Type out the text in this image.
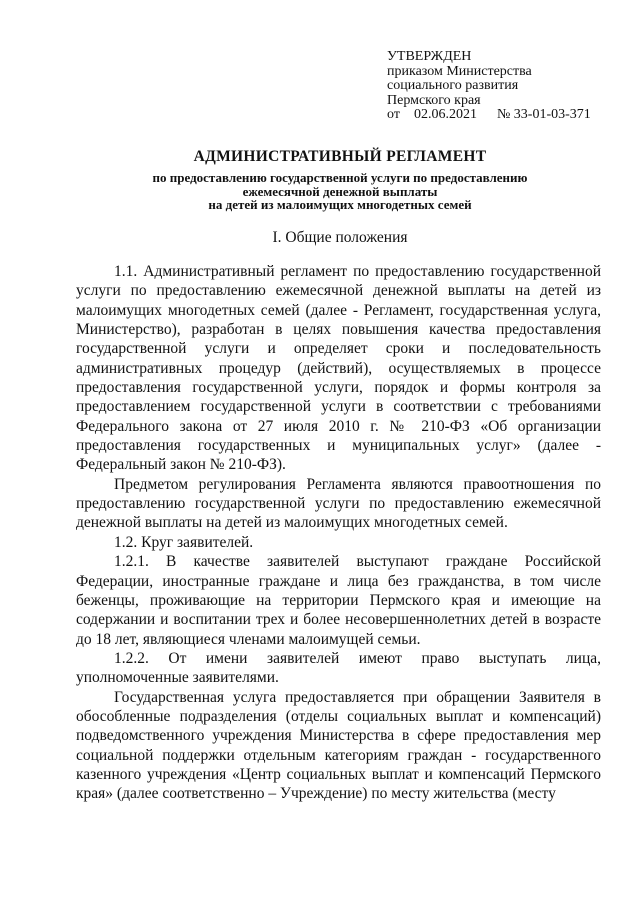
УТВЕРЖДЕН
приказом Министерства
социального развития
Пермского края
от 02.06.2021 № 33-01-03-371
АДМИНИСТРАТИВНЫЙ РЕГЛАМЕНТ
по предоставлению государственной услуги по предоставлению
ежемесячной денежной выплаты
на детей из малоимущих многодетных семей
I. Общие положения

1.1. Административный регламент по предоставлению государственной услуги по предоставлению ежемесячной денежной выплаты на детей из малоимущих многодетных семей (далее - Регламент, государственная услуга, Министерство), разработан в целях повышения качества предоставления государственной услуги и определяет сроки и последовательность административных процедур (действий), осуществляемых в процессе предоставления государственной услуги, порядок и формы контроля за предоставлением государственной услуги в соответствии с требованиями Федерального закона от 27 июля 2010 г. № 210-ФЗ «Об организации предоставления государственных и муниципальных услуг» (далее - Федеральный закон № 210-ФЗ).

Предметом регулирования Регламента являются правоотношения по предоставлению государственной услуги по предоставлению ежемесячной денежной выплаты на детей из малоимущих многодетных семей.

1.2. Круг заявителей.

1.2.1. В качестве заявителей выступают граждане Российской Федерации, иностранные граждане и лица без гражданства, в том числе беженцы, проживающие на территории Пермского края и имеющие на содержании и воспитании трех и более несовершеннолетних детей в возрасте до 18 лет, являющиеся членами малоимущей семьи.

1.2.2. От имени заявителей имеют право выступать лица, уполномоченные заявителями.

Государственная услуга предоставляется при обращении Заявителя в обособленные подразделения (отделы социальных выплат и компенсаций) подведомственного учреждения Министерства в сфере предоставления мер социальной поддержки отдельным категориям граждан - государственного казенного учреждения «Центр социальных выплат и компенсаций Пермского края» (далее соответственно – Учреждение) по месту жительства (месту
